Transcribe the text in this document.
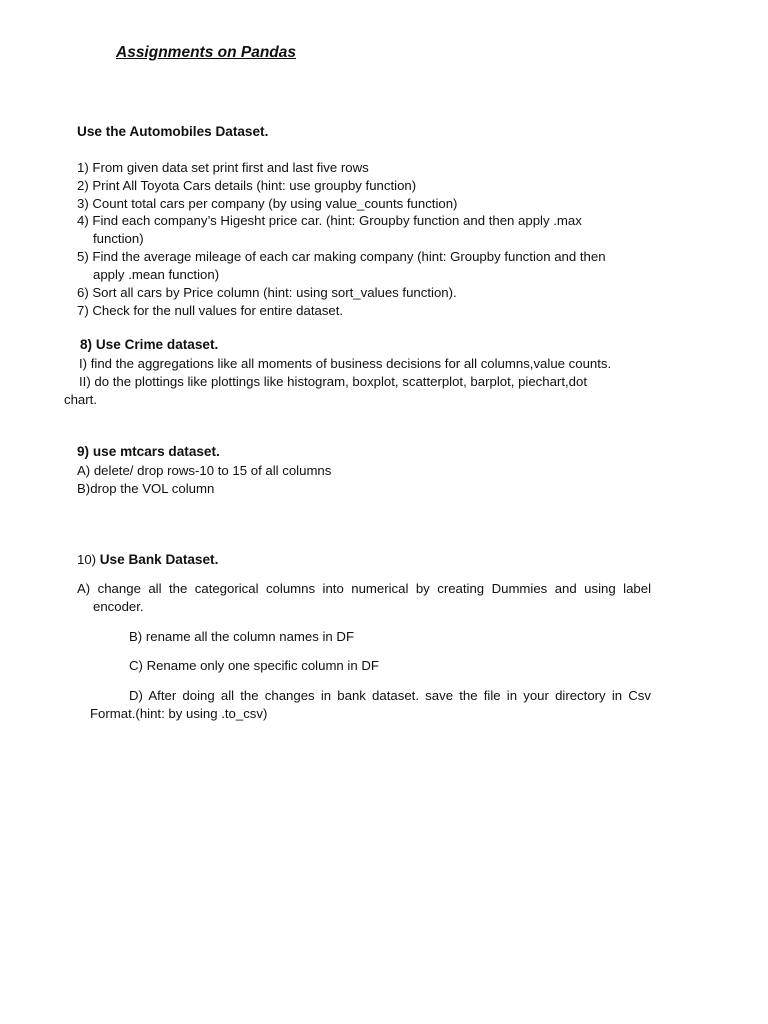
Assignments on Pandas
Use the Automobiles Dataset.
1) From given data set print first and last five rows
2) Print All Toyota Cars details (hint: use groupby function)
3) Count total cars per company (by using value_counts function)
4) Find each company’s Higesht price car. (hint: Groupby function and then apply .max
function)
5) Find the average mileage of each car making company (hint: Groupby function and then
apply .mean function)
6) Sort all cars by Price column (hint: using sort_values function).
7) Check for the null values for entire dataset.
8) Use Crime dataset.
I) find the aggregations like all moments of business decisions for all columns,value counts.
II) do the plottings like plottings like histogram, boxplot, scatterplot, barplot, piechart,dot
chart.
9) use mtcars dataset.
A) delete/ drop rows-10 to 15 of all columns
B)drop the VOL column
10) Use Bank Dataset.
A) change all the categorical columns into numerical by creating Dummies and using label
encoder.
B) rename all the column names in DF
C) Rename only one specific column in DF
D) After doing all the changes in bank dataset. save the file in your directory in Csv
Format.(hint: by using .to_csv)
